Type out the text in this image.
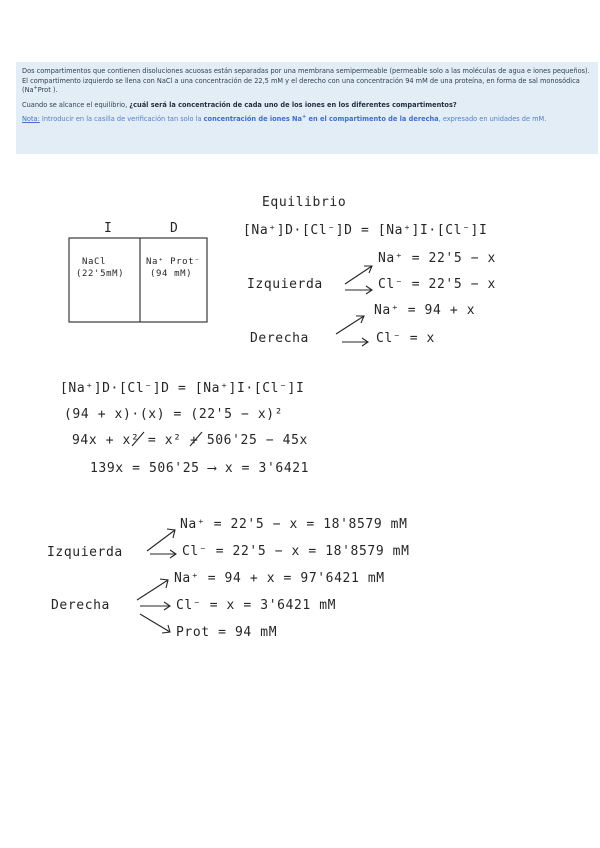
Dos compartimentos que contienen disoluciones acuosas están separadas por una membrana semipermeable (permeable solo a las moléculas de agua e iones pequeños). El compartimento izquierdo se llena con NaCl a una concentración de 22,5 mM y el derecho con una concentración 94 mM de una proteína, en forma de sal monosódica (Na+Prot ).

Cuando se alcance el equilibrio, ¿cuál será la concentración de cada uno de los iones en los diferentes compartimentos?

Nota: Introducir en la casilla de verificación tan solo la concentración de iones Na+ en el compartimento de la derecha, expresado en unidades de mM.

Equilibrio
I	D
NaCl
(22'5mM)
Na⁺ Prot⁻
(94 mM)
[Na⁺]D·[Cl⁻]D = [Na⁺]I·[Cl⁻]I
Izquierda
Na⁺ = 22'5 − x
Cl⁻ = 22'5 − x
Derecha
Na⁺ = 94 + x
Cl⁻ = x
[Na⁺]D·[Cl⁻]D = [Na⁺]I·[Cl⁻]I
(94 + x)·(x) = (22'5 − x)²
94x + x² = x² + 506'25 − 45x
139x = 506'25 ⟶ x = 3'6421
Izquierda
Na⁺ = 22'5 − x = 18'8579 mM
Cl⁻ = 22'5 − x = 18'8579 mM
Derecha
Na⁺ = 94 + x = 97'6421 mM
Cl⁻ = x = 3'6421 mM
Prot = 94 mM
